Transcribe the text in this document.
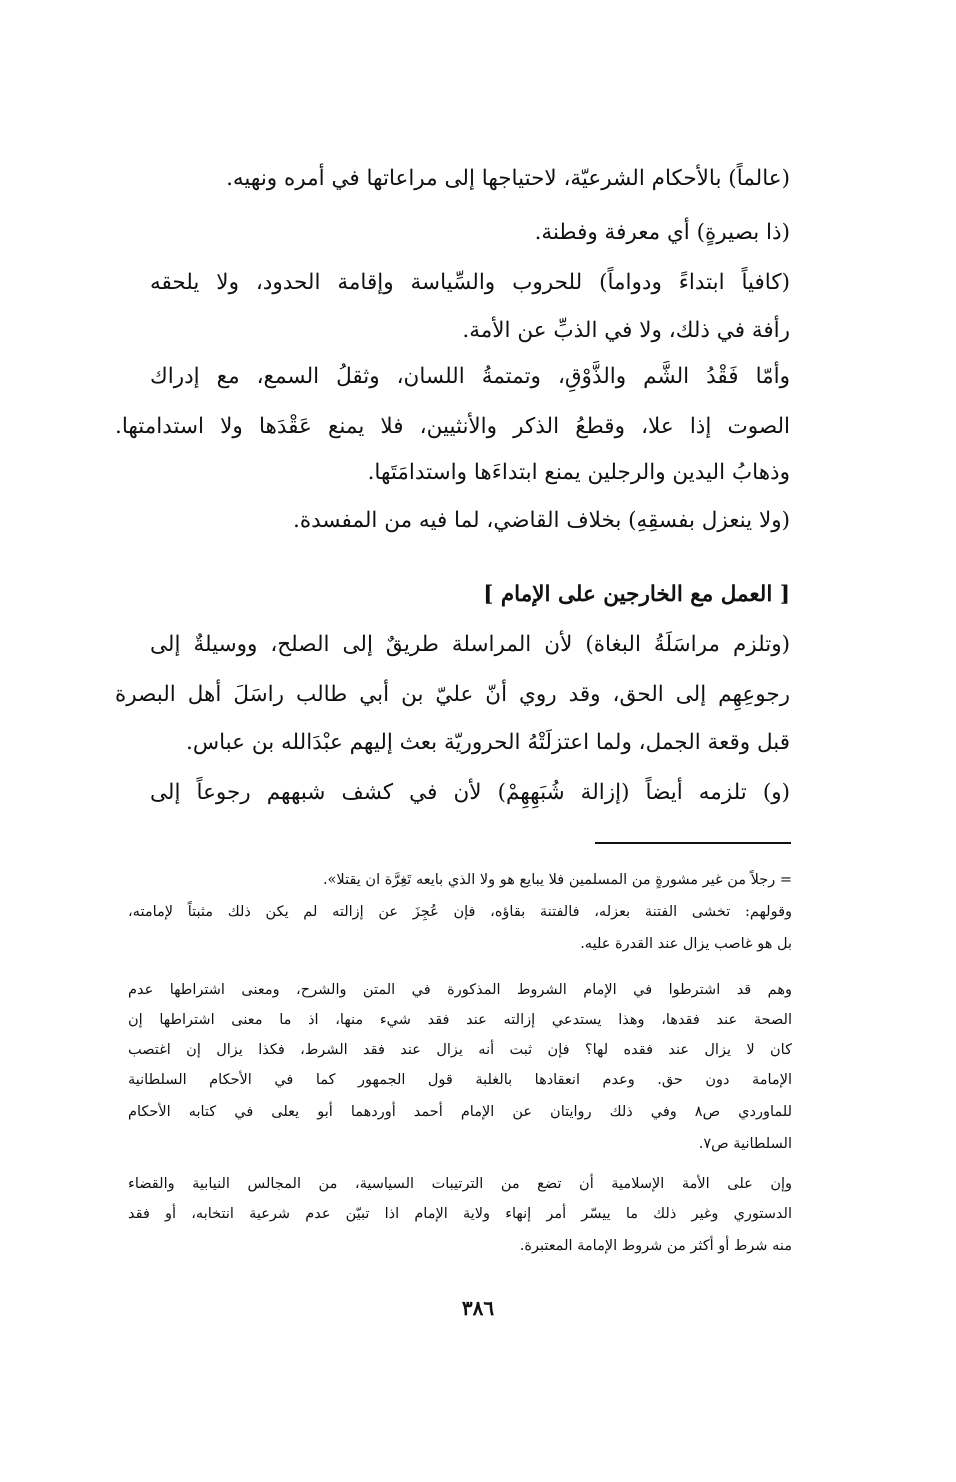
(عالماً) بالأحكام الشرعيّة، لاحتياجها إلى مراعاتها في أمره ونهيه.
(ذا بصيرةٍ) أي معرفة وفطنة.
(كافياً ابتداءً ودواماً) للحروب والسِّياسة وإقامة الحدود، ولا يلحقه
رأفة في ذلك، ولا في الذبِّ عن الأمة.
وأمّا فَقْدُ الشَّم والذَّوْقِ، وتمتمةُ اللسان، وثقلُ السمع، مع إدراك
الصوت إذا علا، وقطعُ الذكر والأنثيين، فلا يمنع عَقْدَها ولا استدامتها.
وذهابُ اليدين والرجلين يمنع ابتداءَها واستدامَتَها.
(ولا ينعزل بفسقِهِ) بخلاف القاضي، لما فيه من المفسدة.
[ العمل مع الخارجين على الإمام ]
(وتلزم مراسَلَةُ البغاة) لأن المراسلة طريقٌ إلى الصلح، ووسيلةٌ إلى
رجوعِهِم إلى الحق، وقد روي أنّ عليّ بن أبي طالب راسَلَ أهل البصرة
قبل وقعة الجمل، ولما اعتزلَتْهُ الحروريّة بعث إليهم عبْدَالله بن عباس.
(و) تلزمه أيضاً (إزالة شُبَهِهِمْ) لأن في كشف شبههم رجوعاً إلى
= رجلاً من غير مشورةٍ من المسلمين فلا يبايع هو ولا الذي بايعه تَغِرَّة ان يقتلا».
وقولهم: تخشى الفتنة بعزله، فالفتنة بقاؤه، فإن عُجِزَ عن إزالته لم يكن ذلك مثبتاً لإمامته،
بل هو غاصب يزال عند القدرة عليه.
وهم قد اشترطوا في الإمام الشروط المذكورة في المتن والشرح، ومعنى اشتراطها عدم
الصحة عند فقدها، وهذا يستدعي إزالته عند فقد شيء منها، اذ ما معنى اشتراطها إن
كان لا يزال عند فقده لها؟ فإن ثبت أنه يزال عند فقد الشرط، فكذا يزال إن اغتصب
الإمامة دون حق. وعدم انعقادها بالغلبة قول الجمهور كما في الأحكام السلطانية
للماوردي ص٨ وفي ذلك روايتان عن الإمام أحمد أوردهما أبو يعلى في كتابه الأحكام
السلطانية ص٧.
وإن على الأمة الإسلامية أن تضع من الترتيبات السياسية، من المجالس النيابية والقضاء
الدستوري وغير ذلك ما ييسّر أمر إنهاء ولاية الإمام اذا تبيّن عدم شرعية انتخابه، أو فقد
منه شرط أو أكثر من شروط الإمامة المعتبرة.
٣٨٦
